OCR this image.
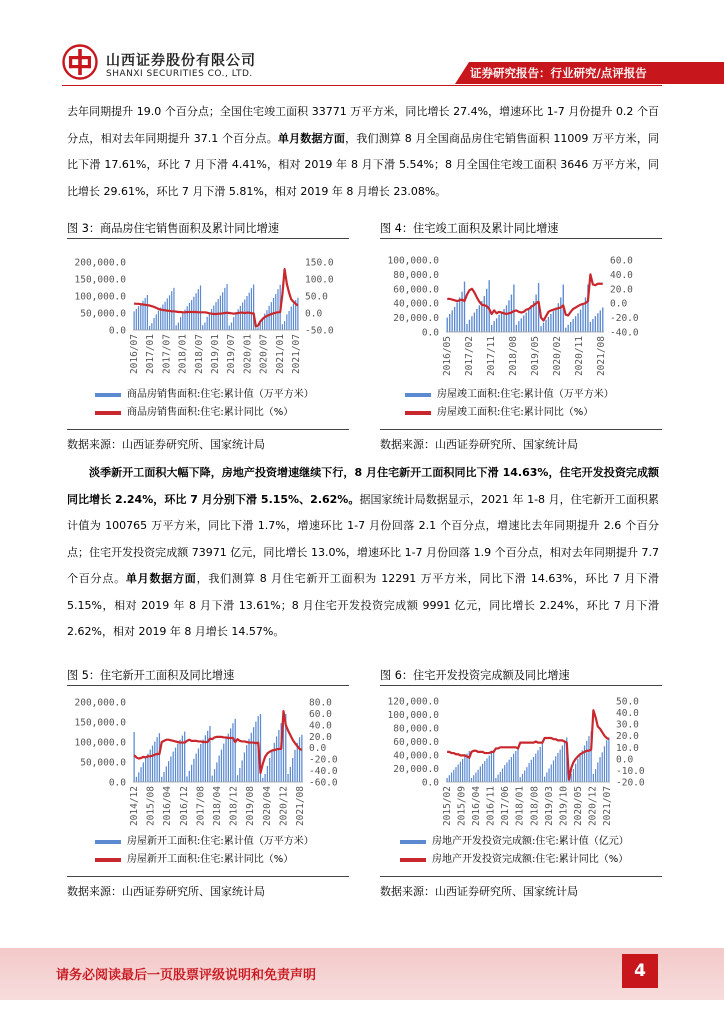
山西证券股份有限公司
SHANXI SECURITIES CO., LTD.	证券研究报告：行业研究/点评报告
去年同期提升 19.0 个百分点；全国住宅竣工面积 33771 万平方米，同比增长 27.4%，增速环比 1-7 月份提升 0.2 个百分点，相对去年同期提升 37.1 个百分点。单月数据方面，我们测算 8 月全国商品房住宅销售面积 11009 万平方米，同比下滑 17.61%，环比 7 月下滑 4.41%，相对 2019 年 8 月下滑 5.54%；8 月全国住宅竣工面积 3646 万平方米，同比增长 29.61%，环比 7 月下滑 5.81%，相对 2019 年 8 月增长 23.08%。
图 3：商品房住宅销售面积及累计同比增速
200,000.0
150,000.0
100,000.0
50,000.0
0.0
150.0
100.0
50.0
0.0
-50.0
2016/07 2017/01 2017/07 2018/01 2018/07 2019/01 2019/07 2020/01 2020/07 2021/01 2021/07
商品房销售面积:住宅:累计值（万平方米）
商品房销售面积:住宅:累计同比（%）
数据来源：山西证券研究所、国家统计局
图 4：住宅竣工面积及累计同比增速
100,000.0
80,000.0
60,000.0
40,000.0
20,000.0
0.0
60.0
40.0
20.0
0.0
-20.0
-40.0
2016/05 2017/02 2017/11 2018/08 2019/05 2020/02 2020/11 2021/08
房屋竣工面积:住宅:累计值（万平方米）
房屋竣工面积:住宅:累计同比（%）
数据来源：山西证券研究所、国家统计局
淡季新开工面积大幅下降，房地产投资增速继续下行，8 月住宅新开工面积同比下滑 14.63%，住宅开发投资完成额同比增长 2.24%，环比 7 月分别下滑 5.15%、2.62%。据国家统计局数据显示，2021 年 1-8 月，住宅新开工面积累计值为 100765 万平方米，同比下滑 1.7%，增速环比 1-7 月份回落 2.1 个百分点，增速比去年同期提升 2.6 个百分点；住宅开发投资完成额 73971 亿元，同比增长 13.0%，增速环比 1-7 月份回落 1.9 个百分点，相对去年同期提升 7.7 个百分点。单月数据方面，我们测算 8 月住宅新开工面积为 12291 万平方米，同比下滑 14.63%，环比 7 月下滑 5.15%，相对 2019 年 8 月下滑 13.61%；8 月住宅开发投资完成额 9991 亿元，同比增长 2.24%，环比 7 月下滑 2.62%，相对 2019 年 8 月增长 14.57%。
图 5：住宅新开工面积及同比增速
200,000.0
150,000.0
100,000.0
50,000.0
0.0
80.0
60.0
40.0
20.0
0.0
-20.0
-40.0
-60.0
2014/12 2015/08 2016/04 2016/12 2017/08 2018/04 2018/12 2019/08 2020/04 2020/12 2021/08
房屋新开工面积:住宅:累计值（万平方米）
房屋新开工面积:住宅:累计同比（%）
数据来源：山西证券研究所、国家统计局
图 6：住宅开发投资完成额及同比增速
120,000.0
100,000.0
80,000.0
60,000.0
40,000.0
20,000.0
0.0
50.0
40.0
30.0
20.0
10.0
0.0
-10.0
-20.0
2015/02 2015/09 2016/04 2016/11 2017/06 2018/01 2018/08 2019/03 2019/10 2020/05 2020/12 2021/07
房地产开发投资完成额:住宅:累计值（亿元）
房地产开发投资完成额:住宅:累计同比（%）
数据来源：山西证券研究所、国家统计局
请务必阅读最后一页股票评级说明和免责声明	4
